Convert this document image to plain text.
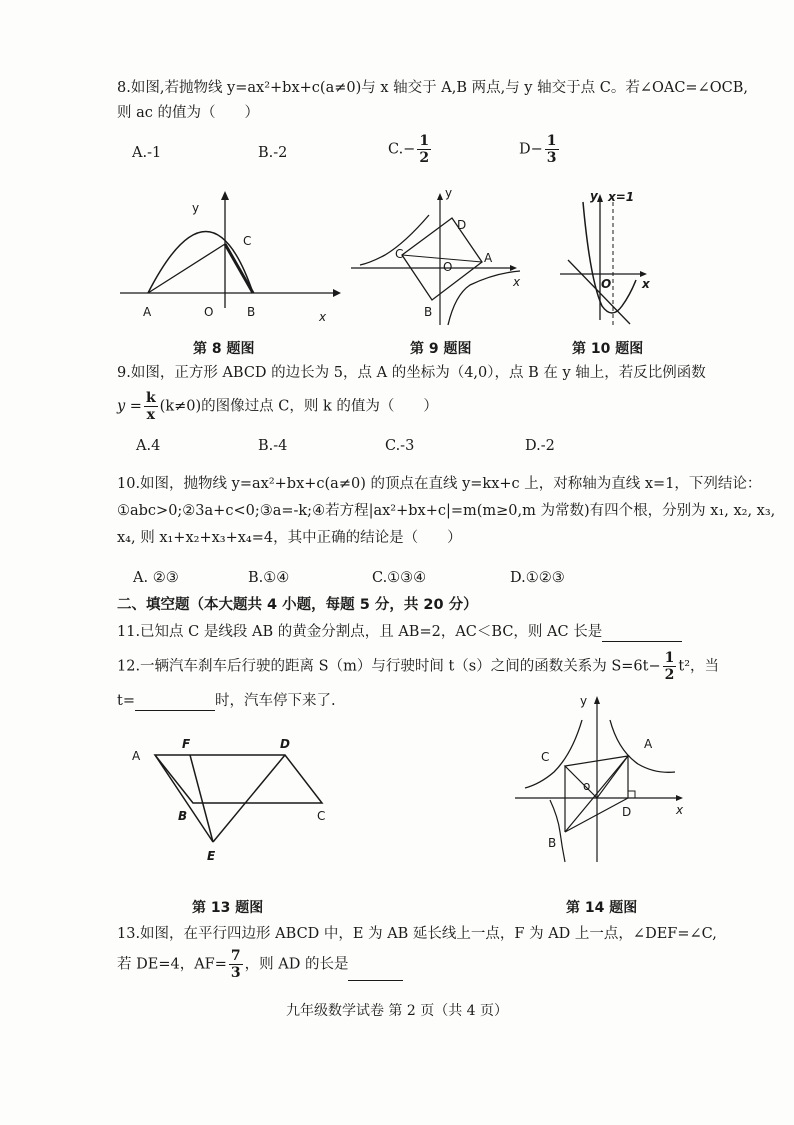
8.如图,若抛物线 y=ax²+bx+c(a≠0)与 x 轴交于 A,B 两点,与 y 轴交于点 C。若∠OAC=∠OCB,
则 ac 的值为（　　）
A.-1	B.-2	$C.- \frac{1}{2}$	$D- \frac{1}{3}$
y
C
A	O	B	x
第 8 题图
y
D
C
O
A
B
x
第 9 题图
y x=1
O	x
第 10 题图
9.如图，正方形 ABCD 的边长为 5，点 A 的坐标为（4,0），点 B 在 y 轴上，若反比例函数
$y = \frac{k}{x} (k\ne 0)$的图像过点 C，则 k 的值为（　　）
A.4	B.-4	C.-3	D.-2
10.如图，抛物线 y=ax²+bx+c(a≠0) 的顶点在直线 y=kx+c 上，对称轴为直线 x=1，下列结论：
①abc>0;②3a+c<0;③a=-k;④若方程|ax²+bx+c|=m(m≥0,m 为常数)有四个根，分别为 x₁, x₂, x₃,
x₄, 则 x₁+x₂+x₃+x₄=4，其中正确的结论是（　　）
A. ②③	B.①④	C.①③④	D.①②③
二、填空题（本大题共 4 小题，每题 5 分，共 20 分）
11.已知点 C 是线段 AB 的黄金分割点，且 AB=2，AC＜BC，则 AC 长是
12.一辆汽车刹车后行驶的距离 S（m）与行驶时间 t（s）之间的函数关系为 $S=6t- \frac{1}{2} t^2$，当
t=	时，汽车停下来了.
A
F	D
B	C
E
第 13 题图
y
A
C
o
D	x
B
第 14 题图
13.如图，在平行四边形 ABCD 中，E 为 AB 延长线上一点，F 为 AD 上一点，∠DEF=∠C,
若 DE=4，$AF= \frac{7}{3}$ ，则 AD 的长是
九年级数学试卷 第 2 页（共 4 页）
